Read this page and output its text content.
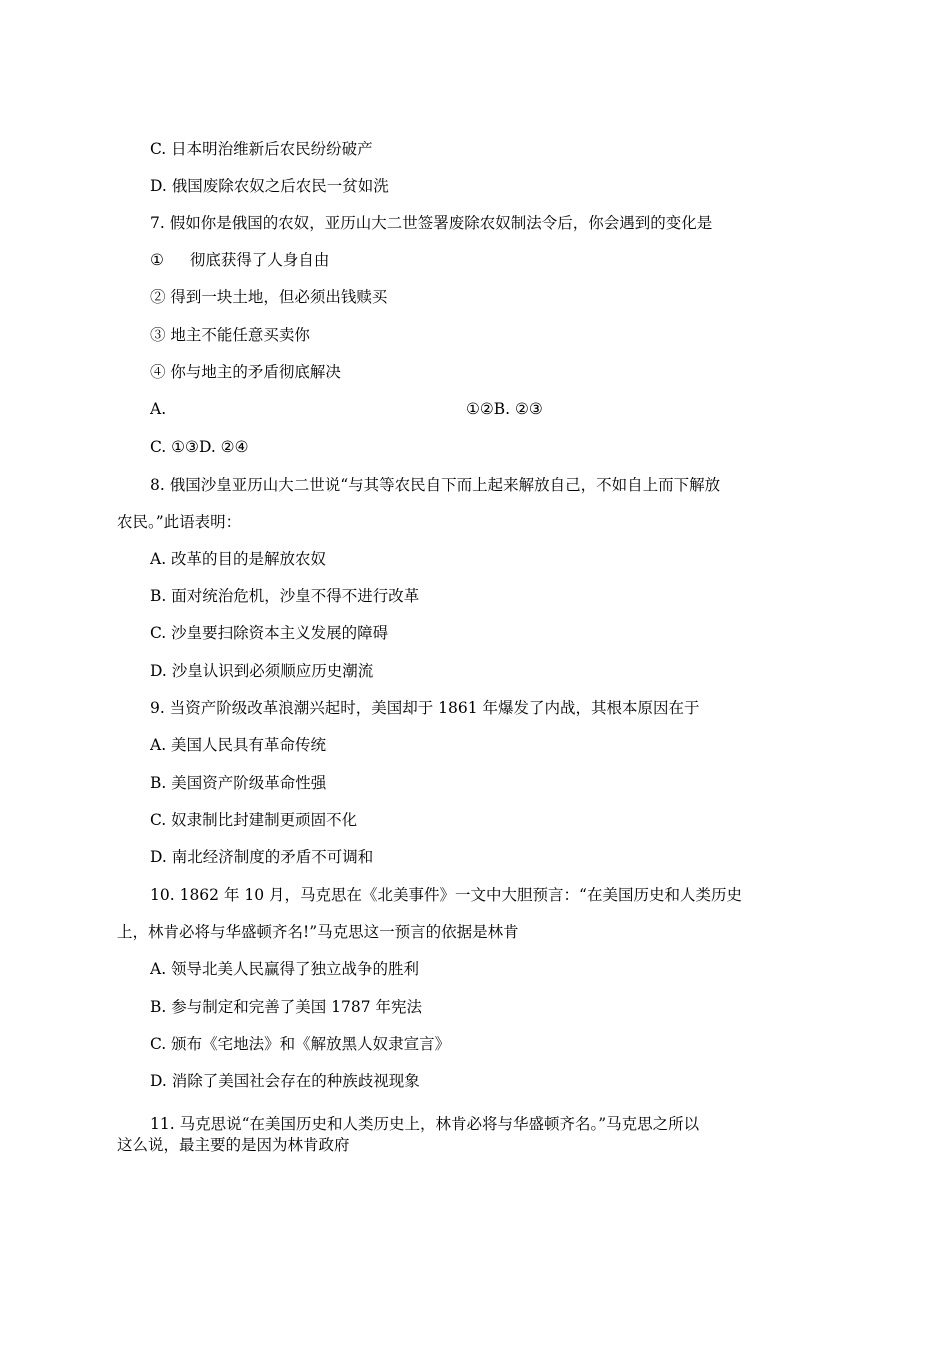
C. 日本明治维新后农民纷纷破产
D. 俄国废除农奴之后农民一贫如洗
7. 假如你是俄国的农奴，亚历山大二世签署废除农奴制法令后，你会遇到的变化是
① 彻底获得了人身自由
② 得到一块土地，但必须出钱赎买
③ 地主不能任意买卖你
④ 你与地主的矛盾彻底解决
A.	①②B. ②③
C. ①③D. ②④
8. 俄国沙皇亚历山大二世说“与其等农民自下而上起来解放自己，不如自上而下解放
农民。”此语表明：
A. 改革的目的是解放农奴
B. 面对统治危机，沙皇不得不进行改革
C. 沙皇要扫除资本主义发展的障碍
D. 沙皇认识到必须顺应历史潮流
9. 当资产阶级改革浪潮兴起时，美国却于 1861 年爆发了内战，其根本原因在于
A. 美国人民具有革命传统
B. 美国资产阶级革命性强
C. 奴隶制比封建制更顽固不化
D. 南北经济制度的矛盾不可调和
10. 1862 年 10 月，马克思在《北美事件》一文中大胆预言：“在美国历史和人类历史
上，林肯必将与华盛顿齐名!”马克思这一预言的依据是林肯
A. 领导北美人民赢得了独立战争的胜利
B. 参与制定和完善了美国 1787 年宪法
C. 颁布《宅地法》和《解放黑人奴隶宣言》
D. 消除了美国社会存在的种族歧视现象
11. 马克思说“在美国历史和人类历史上，林肯必将与华盛顿齐名。”马克思之所以
这么说，最主要的是因为林肯政府
